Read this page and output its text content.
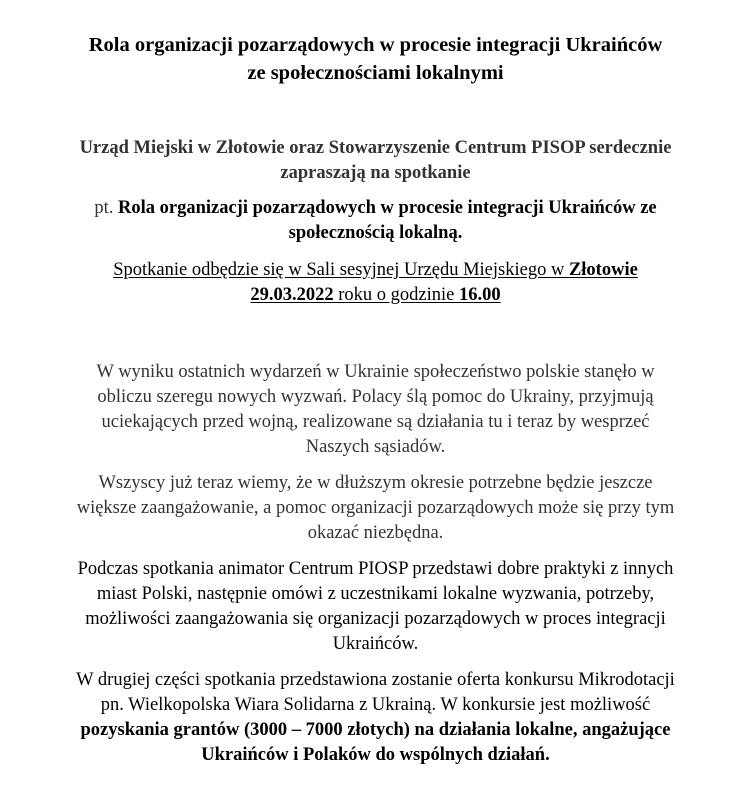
Rola organizacji pozarządowych w procesie integracji Ukraińców
ze społecznościami lokalnymi

Urząd Miejski w Złotowie oraz Stowarzyszenie Centrum PISOP serdecznie
zapraszają na spotkanie

pt. Rola organizacji pozarządowych w procesie integracji Ukraińców ze
społecznością lokalną.

Spotkanie odbędzie się w Sali sesyjnej Urzędu Miejskiego w Złotowie
29.03.2022 roku o godzinie 16.00

W wyniku ostatnich wydarzeń w Ukrainie społeczeństwo polskie stanęło w
obliczu szeregu nowych wyzwań. Polacy ślą pomoc do Ukrainy, przyjmują
uciekających przed wojną, realizowane są działania tu i teraz by wesprzeć
Naszych sąsiadów.

Wszyscy już teraz wiemy, że w dłuższym okresie potrzebne będzie jeszcze
większe zaangażowanie, a pomoc organizacji pozarządowych może się przy tym
okazać niezbędna.

Podczas spotkania animator Centrum PIOSP przedstawi dobre praktyki z innych
miast Polski, następnie omówi z uczestnikami lokalne wyzwania, potrzeby,
możliwości zaangażowania się organizacji pozarządowych w proces integracji
Ukraińców.

W drugiej części spotkania przedstawiona zostanie oferta konkursu Mikrodotacji
pn. Wielkopolska Wiara Solidarna z Ukrainą. W konkursie jest możliwość
pozyskania grantów (3000 – 7000 złotych) na działania lokalne, angażujące
Ukraińców i Polaków do wspólnych działań.
